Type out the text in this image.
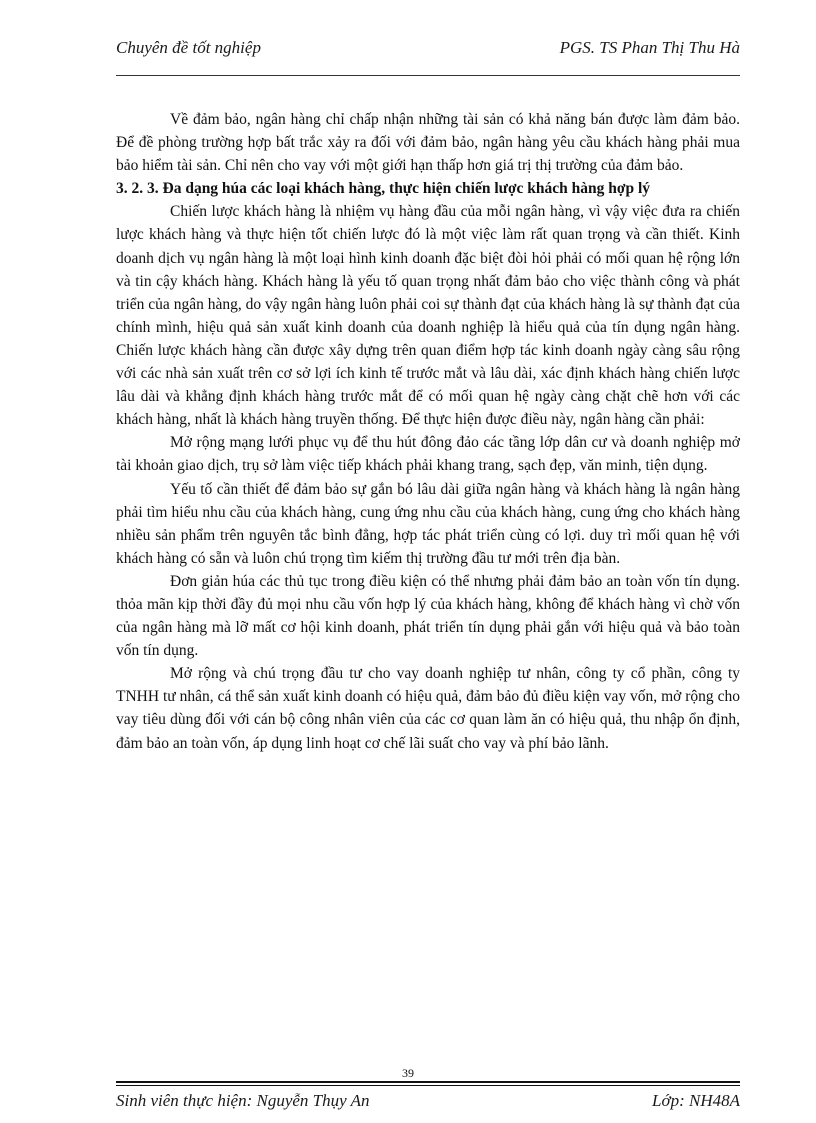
Chuyên đề tốt nghiệp	PGS. TS Phan Thị Thu Hà

Về đảm bảo, ngân hàng chỉ chấp nhận những tài sản có khả năng bán được làm đảm bảo. Để đề phòng trường hợp bất trắc xảy ra đối với đảm bảo, ngân hàng yêu cầu khách hàng phải mua bảo hiểm tài sản. Chỉ nên cho vay với một giới hạn thấp hơn giá trị thị trường của đảm bảo.

3. 2. 3. Đa dạng húa các loại khách hàng, thực hiện chiến lược khách hàng hợp lý

Chiến lược khách hàng là nhiệm vụ hàng đầu của mỗi ngân hàng, vì vậy việc đưa ra chiến lược khách hàng và thực hiện tốt chiến lược đó là một việc làm rất quan trọng và cần thiết. Kinh doanh dịch vụ ngân hàng là một loại hình kinh doanh đặc biệt đòi hỏi phải có mối quan hệ rộng lớn và tin cậy khách hàng. Khách hàng là yếu tố quan trọng nhất đảm bảo cho việc thành công và phát triển của ngân hàng, do vậy ngân hàng luôn phải coi sự thành đạt của khách hàng là sự thành đạt của chính mình, hiệu quả sản xuất kinh doanh của doanh nghiệp là hiểu quả của tín dụng ngân hàng. Chiến lược khách hàng cần được xây dựng trên quan điểm hợp tác kinh doanh ngày càng sâu rộng với các nhà sản xuất trên cơ sở lợi ích kinh tế trước mắt và lâu dài, xác định khách hàng chiến lược lâu dài và khẳng định khách hàng trước mắt để có mối quan hệ ngày càng chặt chẽ hơn với các khách hàng, nhất là khách hàng truyền thống. Để thực hiện được điều này, ngân hàng cần phải:

Mở rộng mạng lưới phục vụ để thu hút đông đảo các tầng lớp dân cư và doanh nghiệp mở tài khoản giao dịch, trụ sở làm việc tiếp khách phải khang trang, sạch đẹp, văn minh, tiện dụng.

Yếu tố cần thiết để đảm bảo sự gắn bó lâu dài giữa ngân hàng và khách hàng là ngân hàng phải tìm hiểu nhu cầu của khách hàng, cung ứng nhu cầu của khách hàng, cung ứng cho khách hàng nhiều sản phẩm trên nguyên tắc bình đẳng, hợp tác phát triển cùng có lợi. duy trì mối quan hệ với khách hàng có sẵn và luôn chú trọng tìm kiếm thị trường đầu tư mới trên địa bàn.

Đơn giản húa các thủ tục trong điều kiện có thể nhưng phải đảm bảo an toàn vốn tín dụng. thỏa mãn kịp thời đầy đủ mọi nhu cầu vốn hợp lý của khách hàng, không để khách hàng vì chờ vốn của ngân hàng mà lỡ mất cơ hội kinh doanh, phát triển tín dụng phải gắn với hiệu quả và bảo toàn vốn tín dụng.

Mở rộng và chú trọng đầu tư cho vay doanh nghiệp tư nhân, công ty cổ phần, công ty TNHH tư nhân, cá thể sản xuất kinh doanh có hiệu quả, đảm bảo đủ điều kiện vay vốn, mở rộng cho vay tiêu dùng đối với cán bộ công nhân viên của các cơ quan làm ăn có hiệu quả, thu nhập ổn định, đảm bảo an toàn vốn, áp dụng linh hoạt cơ chế lãi suất cho vay và phí bảo lãnh.

39
Sinh viên thực hiện: Nguyễn Thụy An	Lớp: NH48A
